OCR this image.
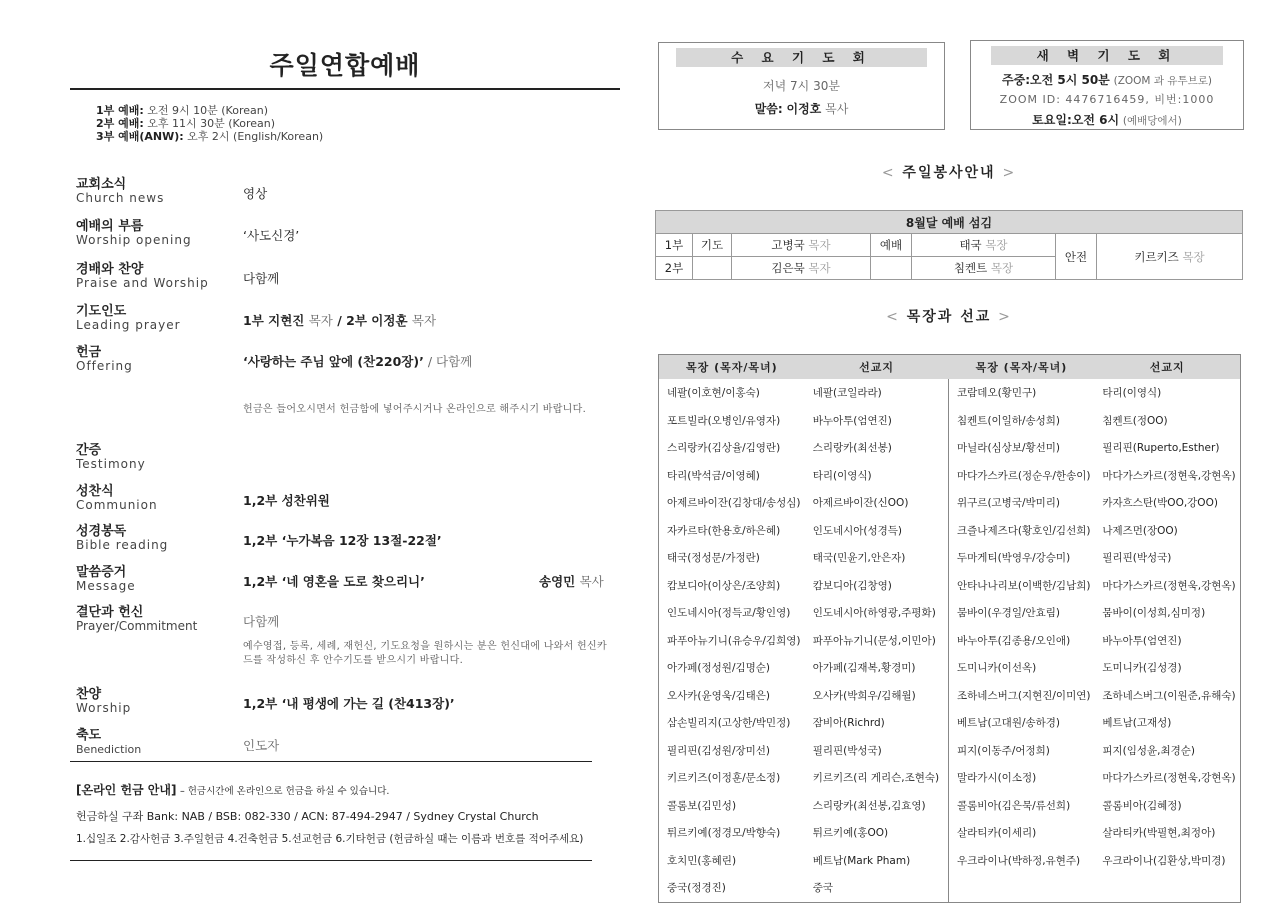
주일연합예배
1부 예배: 오전 9시 10분 (Korean)
2부 예배: 오후 11시 30분 (Korean)
3부 예배(ANW): 오후 2시 (English/Korean)
교회소식
Church news	영상
예배의 부름
Worship opening	‘사도신경’
경배와 찬양
Praise and Worship	다함께
기도인도
Leading prayer	1부 지현진 목자 / 2부 이정훈 목자
헌금
Offering	‘사랑하는 주님 앞에 (찬220장)’ / 다함께
헌금은 들어오시면서 헌금함에 넣어주시거나 온라인으로 해주시기 바랍니다.
간증
Testimony
성찬식
Communion	1,2부 성찬위원
성경봉독
Bible reading	1,2부 ‘누가복음 12장 13절-22절’
말씀증거
Message	1,2부 ‘네 영혼을 도로 찾으리니’	송영민 목사
결단과 헌신
Prayer/Commitment	다함께
예수영접, 등록, 세례, 재헌신, 기도요청을 원하시는 분은 헌신대에 나와서 헌신카드를 작성하신 후 안수기도를 받으시기 바랍니다.
찬양
Worship	1,2부 ‘내 평생에 가는 길 (찬413장)’
축도
Benediction	인도자
[온라인 헌금 안내] – 헌금시간에 온라인으로 헌금을 하실 수 있습니다.
헌금하실 구좌 Bank: NAB / BSB: 082-330 / ACN: 87-494-2947 / Sydney Crystal Church
1.십일조 2.감사헌금 3.주일헌금 4.건축헌금 5.선교헌금 6.기타헌금 (헌금하실 때는 이름과 번호를 적어주세요)
수 요 기 도 회
저녁 7시 30분
말씀: 이정호 목사
새 벽 기 도 회
주중:오전 5시 50분 (ZOOM 과 유투브로)
ZOOM ID: 4476716459, 비번:1000
토요일:오전 6시 (예배당에서)
< 주일봉사안내 >
8월달 예배 섬김						
1부	기도	고병국 목자	예배	태국 목장	안전	키르키즈 목장
2부		김은묵 목자		침켄트 목장		
< 목장과 선교 >
목장 (목자/목녀)	선교지	목장 (목자/목녀)	선교지
네팔(이호현/이홍숙)	네팔(코일라라)	코람데오(황민구)	타리(이영식)
포트빌라(오병인/유영자)	바누아투(엄연진)	침켄트(이일하/송성희)	침켄트(정OO)
스리랑카(김상율/김영란)	스리랑카(최선봉)	마닐라(심상보/황선미)	필리핀(Ruperto,Esther)
타리(박석금/이영혜)	타리(이영식)	마다가스카르(정순우/한송이)	마다가스카르(정현욱,강현옥)
아제르바이잔(김창대/송성심)	아제르바이잔(신OO)	위구르(고병국/박미리)	카자흐스탄(박OO,강OO)
자카르타(한용호/하은혜)	인도네시아(성경득)	크즐나제즈다(황호인/김선희)	나제즈먼(장OO)
태국(정성문/가정란)	태국(민윤기,안은자)	두마게티(박영우/강승미)	필리핀(박성국)
캄보디아(이상은/조양희)	캄보디아(김창영)	안타나나리보(이백한/김남희)	마다가스카르(정현욱,강현옥)
인도네시아(정득교/황인영)	인도네시아(하영광,주평화)	뭄바이(우경일/안효림)	뭄바이(이성희,심미정)
파푸아뉴기니(유승우/김희영)	파푸아뉴기니(문성,이민아)	바누아투(김종용/오인애)	바누아투(엄연진)
아가페(정성원/김명순)	아가페(김재복,황경미)	도미니카(이선옥)	도미니카(김성경)
오사카(윤영욱/김태은)	오사카(박희우/김해월)	조하네스버그(지현진/이미연)	조하네스버그(이원준,유해숙)
삼손빌리지(고상한/박민정)	잠비아(Richrd)	베트남(고대원/송하경)	베트남(고재성)
필리핀(김성원/장미선)	필리핀(박성국)	피지(이동주/어정희)	피지(임성윤,최경순)
키르키즈(이정훈/문소정)	키르키즈(리 게리슨,조현숙)	말라가시(이소정)	마다가스카르(정현욱,강현옥)
콜롬보(김민성)	스리랑카(최선봉,김효영)	콜롬비아(김은묵/류선희)	콜롬비아(김혜정)
튀르키예(정경모/박향숙)	튀르키예(홍OO)	살라티카(이세리)	살라티카(박필현,최정아)
호치민(홍혜린)	베트남(Mark Pham)	우크라이나(박하정,유현주)	우크라이나(김환상,박미경)
중국(정경진)	중국		
